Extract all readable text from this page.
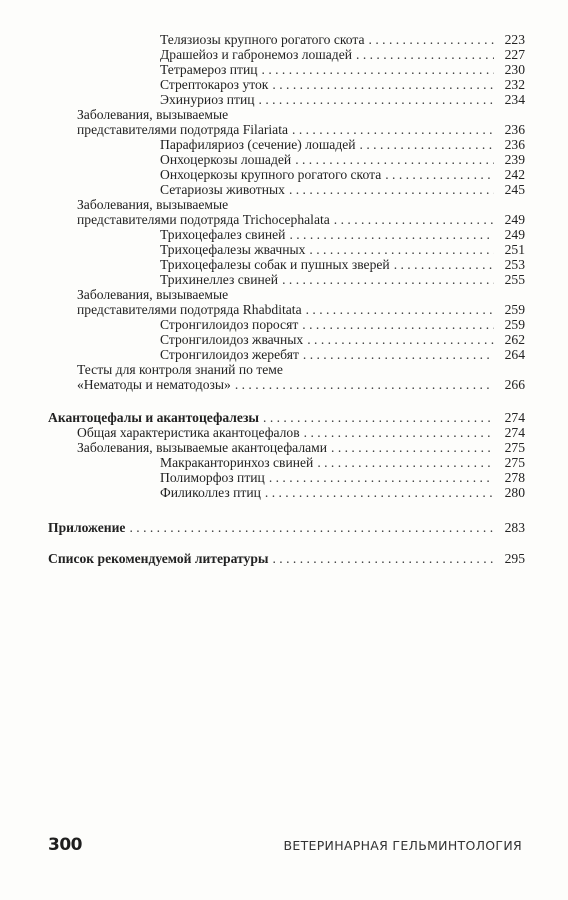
Телязиозы крупного рогатого скота . . .	223
Драшейоз и габронемоз лошадей . . .	227
Тетрамероз птиц . . .	230
Стрептокароз уток . . .	232
Эхинуриоз птиц . . .	234
Заболевания, вызываемые
представителями подотряда Filariata . . .	236
Парафиляриоз (сечение) лошадей . . .	236
Онхоцеркозы лошадей . . .	239
Онхоцеркозы крупного рогатого скота . . .	242
Сетариозы животных . . .	245
Заболевания, вызываемые
представителями подотряда Trichocephalata . . .	249
Трихоцефалез свиней . . .	249
Трихоцефалезы жвачных . . .	251
Трихоцефалезы собак и пушных зверей . . .	253
Трихинеллез свиней . . .	255
Заболевания, вызываемые
представителями подотряда Rhabditata . . .	259
Стронгилоидоз поросят . . .	259
Стронгилоидоз жвачных . . .	262
Стронгилоидоз жеребят . . .	264
Тесты для контроля знаний по теме
«Нематоды и нематодозы» . . .	266
Акантоцефалы и акантоцефалезы . . .	274
Общая характеристика акантоцефалов . . .	274
Заболевания, вызываемые акантоцефалами . . .	275
Макракантоpинхоз свиней . . .	275
Полиморфоз птиц . . .	278
Филиколлез птиц . . .	280
Приложение . . .	283
Список рекомендуемой литературы . . .	295
300	ВЕТЕРИНАРНАЯ ГЕЛЬМИНТОЛОГИЯ
